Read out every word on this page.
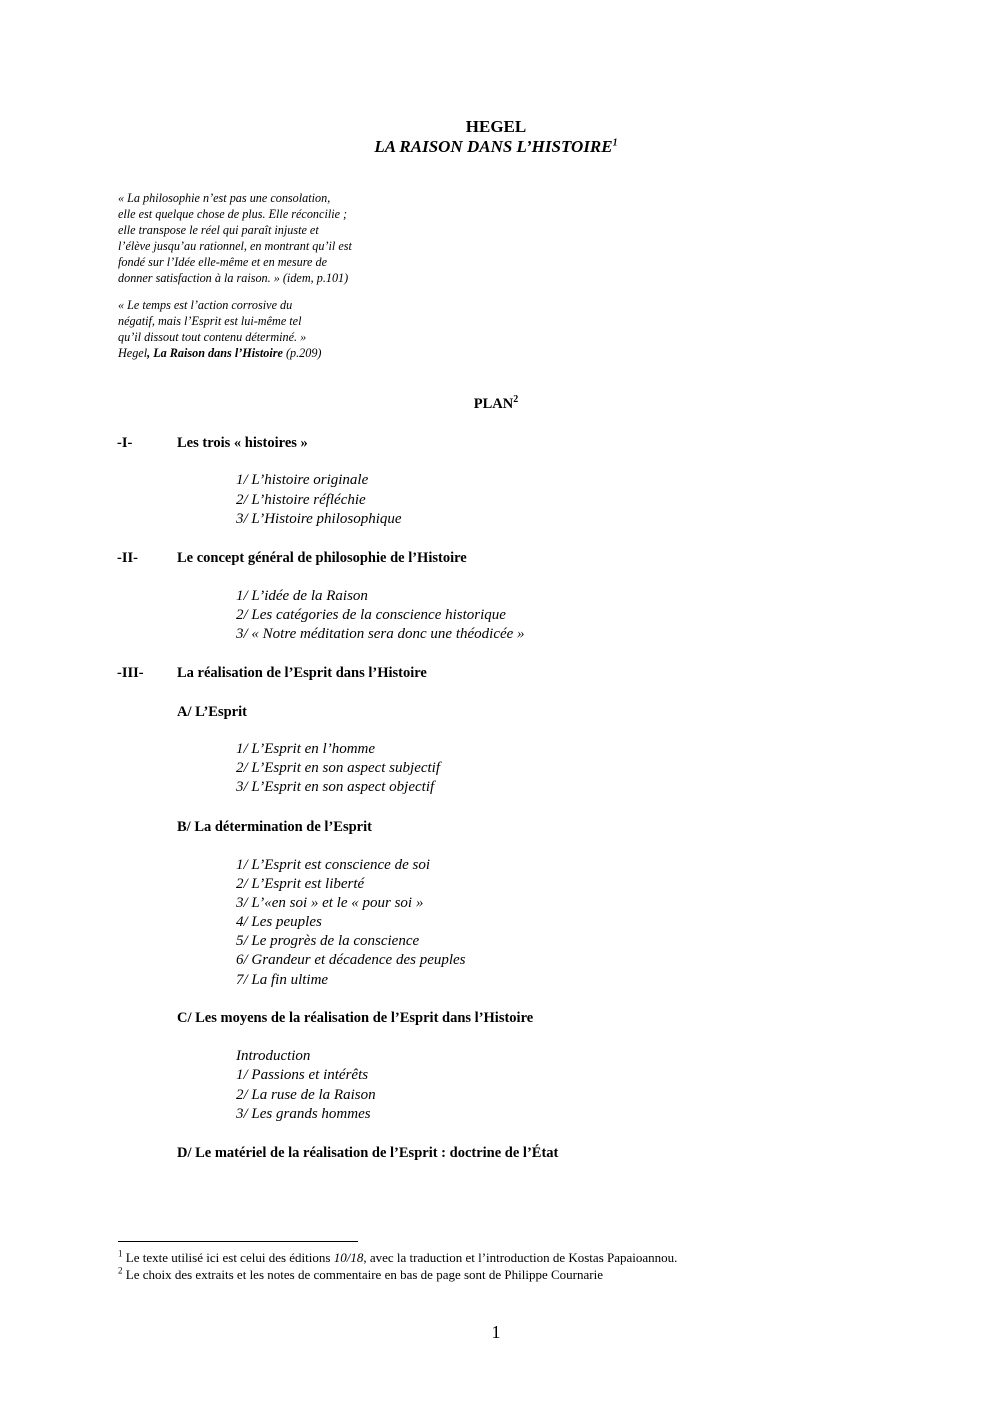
HEGEL
LA RAISON DANS L’HISTOIRE$^1$
« La philosophie n’est pas une consolation,
elle est quelque chose de plus. Elle réconcilie ;
elle transpose le réel qui paraît injuste et
l’élève jusqu’au rationnel, en montrant qu’il est
fondé sur l’Idée elle-même et en mesure de
donner satisfaction à la raison. » (idem, p.101)
« Le temps est l’action corrosive du
négatif, mais l’Esprit est lui-même tel
qu’il dissout tout contenu déterminé. »
Hegel, La Raison dans l’Histoire (p.209)
PLAN$^2$
-I-	Les trois « histoires »
1/ L’histoire originale
2/ L’histoire réfléchie
3/ L’Histoire philosophique
-II-	Le concept général de philosophie de l’Histoire
1/ L’idée de la Raison
2/ Les catégories de la conscience historique
3/ « Notre méditation sera donc une théodicée »
-III- La réalisation de l’Esprit dans l’Histoire
A/ L’Esprit
1/ L’Esprit en l’homme
2/ L’Esprit en son aspect subjectif
3/ L’Esprit en son aspect objectif
B/ La détermination de l’Esprit
1/ L’Esprit est conscience de soi
2/ L’Esprit est liberté
3/ L’«en soi » et le « pour soi »
4/ Les peuples
5/ Le progrès de la conscience
6/ Grandeur et décadence des peuples
7/ La fin ultime
C/ Les moyens de la réalisation de l’Esprit dans l’Histoire
Introduction
1/ Passions et intérêts
2/ La ruse de la Raison
3/ Les grands hommes
D/ Le matériel de la réalisation de l’Esprit : doctrine de l’État
$^1$ Le texte utilisé ici est celui des éditions 10/18, avec la traduction et l’introduction de Kostas Papaioannou.
$^2$ Le choix des extraits et les notes de commentaire en bas de page sont de Philippe Cournarie
1
